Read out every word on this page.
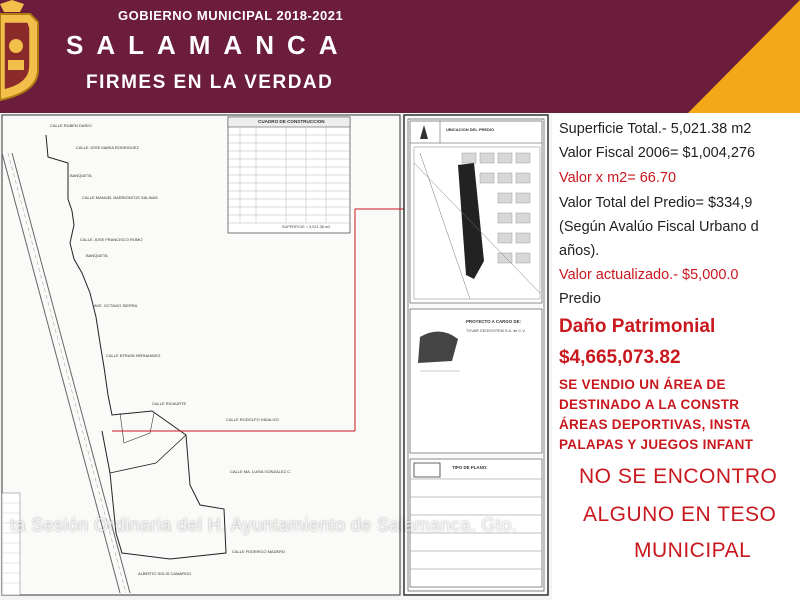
GOBIERNO MUNICIPAL 2018-2021
SALAMANCA
FIRMES EN LA VERDAD
CUADRO DE CONSTRUCCION
SUPERFICIE = 5,021.38 m2
UBICACION DEL PREDIO
PROYECTO A CARGO DE:
TOVAR GEOSYSTEM S.A. de C.V.
TIPO DE PLANO:
CALLE RUBEN DARIO
CALLE JOSE MARIA RODRIGUEZ
BANQUETA
CALLE MANUEL BARRIONTOS SALINAS
CALLE JOSE FRANCISCO ROMO
BANQUETA
AVE. OCTAVIO SIERRA
CALLE EFRAIN HERNANDEZ
CALLE RICAURTE
CALLE RODOLFO HIDALGO
CALLE MA. LUISA GONZALEZ C.
CALLE FEDERICO MADERO
ALBERTO SOLIS CAMARGO
Superficie Total.- 5,021.38 m2
Valor Fiscal 2006= $1,004,276
Valor x m2= 66.70
Valor Total del Predio= $334,9
(Según Avalúo Fiscal Urbano d
años).
Valor actualizado.- $5,000.0
Predio
Daño Patrimonial
$4,665,073.82
SE VENDIO UN ÁREA DE
DESTINADO A LA CONSTR
ÁREAS DEPORTIVAS, INSTA
PALAPAS Y JUEGOS INFANT
NO SE ENCONTRO
ALGUNO EN TESO
MUNICIPAL
ta Sesión Ordinaria del H. Ayuntamiento de Salamanca, Gto.
